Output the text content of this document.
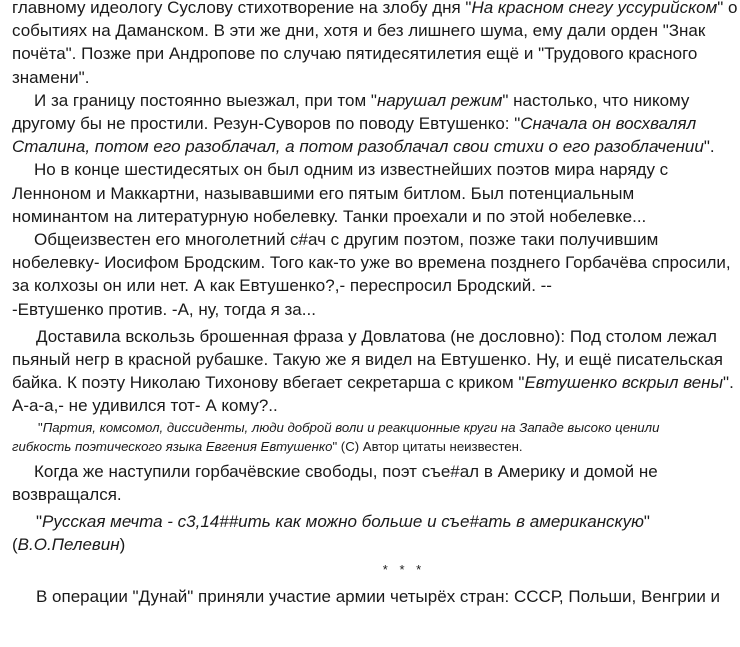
главному идеологу Суслову стихотворение на злобу дня "На красном снегу уссурийском" о
событиях на Даманском. В эти же дни, хотя и без лишнего шума, ему дали орден "Знак
почёта". Позже при Андропове по случаю пятидесятилетия ещё и "Трудового красного
знамени".
И за границу постоянно выезжал, при том "нарушал режим" настолько, что никому
другому бы не простили. Резун-Суворов по поводу Евтушенко: "Сначала он восхвалял
Сталина, потом его разоблачал, а потом разоблачал свои стихи о его разоблачении".
Но в конце шестидесятых он был одним из известнейших поэтов мира наряду с
Ленноном и Маккартни, называвшими его пятым битлом. Был потенциальным
номинантом на литературную нобелевку. Танки проехали и по этой нобелевке...
Общеизвестен его многолетний с#ач с другим поэтом, позже таки получившим
нобелевку- Иосифом Бродским. Того как-то уже во времена позднего Горбачёва спросили,
за колхозы он или нет. А как Евтушенко?,- переспросил Бродский. --
-Евтушенко против. -А, ну, тогда я за...
Доставила вскользь брошенная фраза у Довлатова (не дословно): Под столом лежал
пьяный негр в красной рубашке. Такую же я видел на Евтушенко. Ну, и ещё писательская
байка. К поэту Николаю Тихонову вбегает секретарша с криком "Евтушенко вскрыл вены".
А-а-а,- не удивился тот- А кому?..
"Партия, комсомол, диссиденты, люди доброй воли и реакционные круги на Западе высоко ценили
гибкость поэтического языка Евгения Евтушенко" (С) Автор цитаты неизвестен.
Когда же наступили горбачёвские свободы, поэт съе#ал в Америку и домой не
возвращался.
"Русская мечта - с3,14##ить как можно больше и съе#ать в американскую"
(В.О.Пелевин)
* * *
В операции "Дунай" приняли участие армии четырёх стран: СССР, Польши, Венгрии и
